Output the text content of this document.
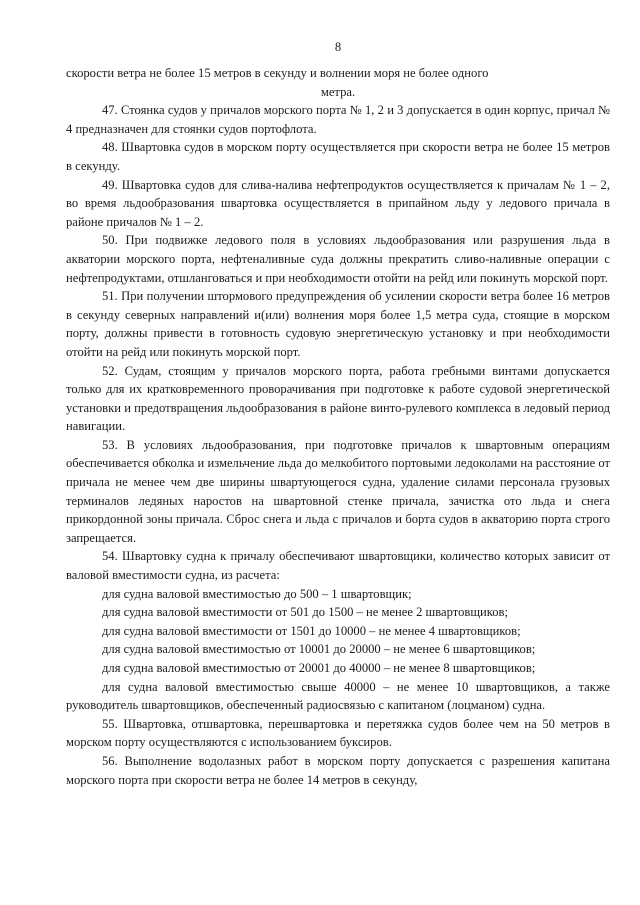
8

скорости ветра не более 15 метров в секунду и волнении моря не более одного

метра.

47. Стоянка судов у причалов морского порта № 1, 2 и 3 допускается в один корпус, причал № 4 предназначен для стоянки судов портофлота.

48. Швартовка судов в морском порту осуществляется при скорости ветра не более 15 метров в секунду.

49. Швартовка судов для слива-налива нефтепродуктов осуществляется к причалам № 1 – 2, во время льдообразования швартовка осуществляется в припайном льду у ледового причала в районе причалов № 1 – 2.

50. При подвижке ледового поля в условиях льдообразования или разрушения льда в акватории морского порта, нефтеналивные суда должны прекратить сливо-наливные операции с нефтепродуктами, отшланговаться и при необходимости отойти на рейд или покинуть морской порт.

51. При получении штормового предупреждения об усилении скорости ветра более 16 метров в секунду северных направлений и(или) волнения моря более 1,5 метра суда, стоящие в морском порту, должны привести в готовность судовую энергетическую установку и при необходимости отойти на рейд или покинуть морской порт.

52. Судам, стоящим у причалов морского порта, работа гребными винтами допускается только для их кратковременного проворачивания при подготовке к работе судовой энергетической установки и предотвращения льдообразования в районе винто-рулевого комплекса в ледовый период навигации.

53. В условиях льдообразования, при подготовке причалов к швартовным операциям обеспечивается обколка и измельчение льда до мелкобитого портовыми ледоколами на расстояние от причала не менее чем две ширины швартующегося судна, удаление силами персонала грузовых терминалов ледяных наростов на швартовной стенке причала, зачистка ото льда и снега прикордонной зоны причала. Сброс снега и льда с причалов и борта судов в акваторию порта строго запрещается.

54. Швартовку судна к причалу обеспечивают швартовщики, количество которых зависит от валовой вместимости судна, из расчета:

для судна валовой вместимостью до 500 – 1 швартовщик;

для судна валовой вместимости от 501 до 1500 – не менее 2 швартовщиков;

для судна валовой вместимости от 1501 до 10000 – не менее 4 швартовщиков;

для судна валовой вместимостью от 10001 до 20000 – не менее 6 швартовщиков;

для судна валовой вместимостью от 20001 до 40000 – не менее 8 швартовщиков;

для судна валовой вместимостью свыше 40000 – не менее 10 швартовщиков, а также руководитель швартовщиков, обеспеченный радиосвязью с капитаном (лоцманом) судна.

55. Швартовка, отшвартовка, перешвартовка и перетяжка судов более чем на 50 метров в морском порту осуществляются с использованием буксиров.

56. Выполнение водолазных работ в морском порту допускается с разрешения капитана морского порта при скорости ветра не более 14 метров в секунду,
